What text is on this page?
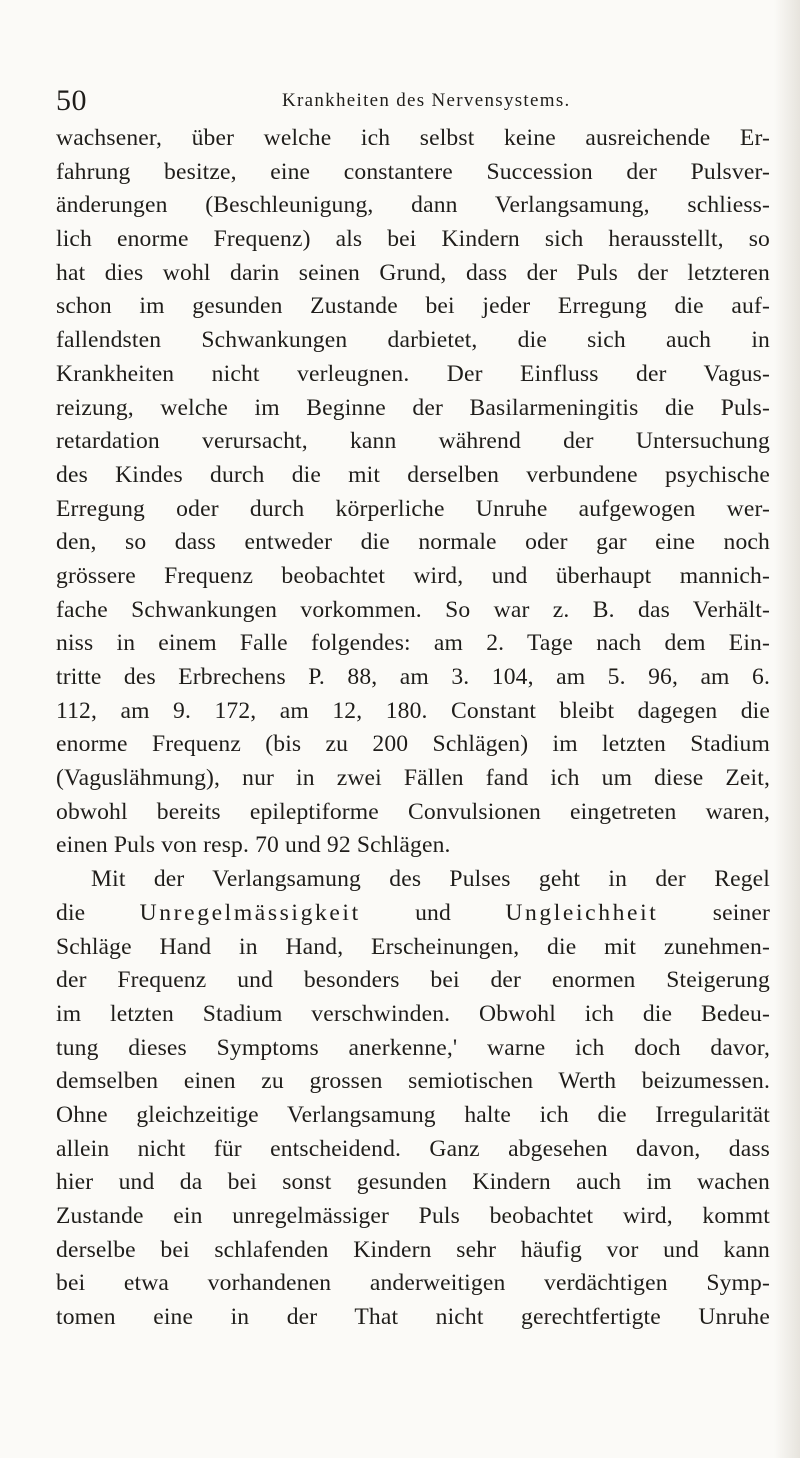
50	Krankheiten des Nervensystems.
wachsener, über welche ich selbst keine ausreichende Er-
fahrung besitze, eine constantere Succession der Pulsver-
änderungen (Beschleunigung, dann Verlangsamung, schliess-
lich enorme Frequenz) als bei Kindern sich herausstellt, so
hat dies wohl darin seinen Grund, dass der Puls der letzteren
schon im gesunden Zustande bei jeder Erregung die auf-
fallendsten Schwankungen darbietet, die sich auch in
Krankheiten nicht verleugnen. Der Einfluss der Vagus-
reizung, welche im Beginne der Basilarmeningitis die Puls-
retardation verursacht, kann während der Untersuchung
des Kindes durch die mit derselben verbundene psychische
Erregung oder durch körperliche Unruhe aufgewogen wer-
den, so dass entweder die normale oder gar eine noch
grössere Frequenz beobachtet wird, und überhaupt mannich-
fache Schwankungen vorkommen. So war z. B. das Verhält-
niss in einem Falle folgendes: am 2. Tage nach dem Ein-
tritte des Erbrechens P. 88, am 3. 104, am 5. 96, am 6.
112, am 9. 172, am 12, 180. Constant bleibt dagegen die
enorme Frequenz (bis zu 200 Schlägen) im letzten Stadium
(Vaguslähmung), nur in zwei Fällen fand ich um diese Zeit,
obwohl bereits epileptiforme Convulsionen eingetreten waren,
einen Puls von resp. 70 und 92 Schlägen.
Mit der Verlangsamung des Pulses geht in der Regel
die Unregelmässigkeit und Ungleichheit seiner
Schläge Hand in Hand, Erscheinungen, die mit zunehmen-
der Frequenz und besonders bei der enormen Steigerung
im letzten Stadium verschwinden. Obwohl ich die Bedeu-
tung dieses Symptoms anerkenne,' warne ich doch davor,
demselben einen zu grossen semiotischen Werth beizumessen.
Ohne gleichzeitige Verlangsamung halte ich die Irregularität
allein nicht für entscheidend. Ganz abgesehen davon, dass
hier und da bei sonst gesunden Kindern auch im wachen
Zustande ein unregelmässiger Puls beobachtet wird, kommt
derselbe bei schlafenden Kindern sehr häufig vor und kann
bei etwa vorhandenen anderweitigen verdächtigen Symp-
tomen eine in der That nicht gerechtfertigte Unruhe
